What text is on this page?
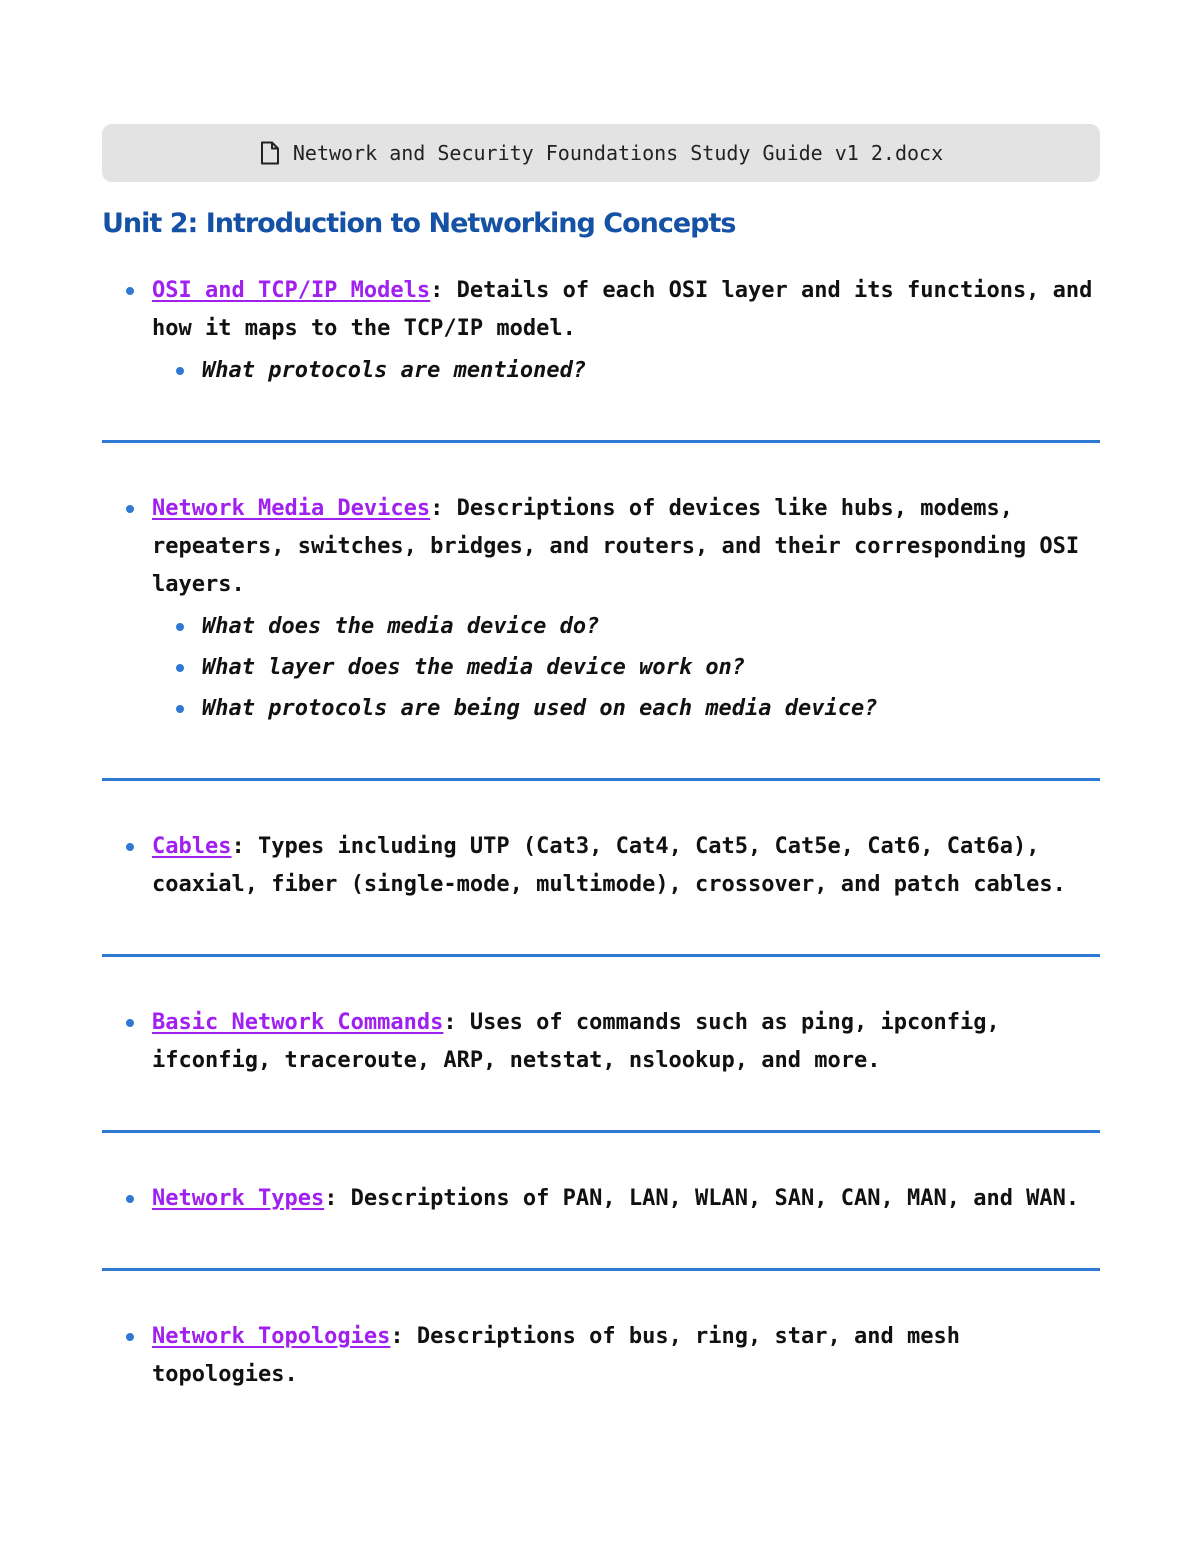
Network and Security Foundations Study Guide v1 2.docx
Unit 2: Introduction to Networking Concepts
OSI and TCP/IP Models: Details of each OSI layer and its functions, and how it maps to the TCP/IP model.
What protocols are mentioned?
Network Media Devices: Descriptions of devices like hubs, modems, repeaters, switches, bridges, and routers, and their corresponding OSI layers.
What does the media device do?
What layer does the media device work on?
What protocols are being used on each media device?
Cables: Types including UTP (Cat3, Cat4, Cat5, Cat5e, Cat6, Cat6a), coaxial, fiber (single-mode, multimode), crossover, and patch cables.
Basic Network Commands: Uses of commands such as ping, ipconfig, ifconfig, traceroute, ARP, netstat, nslookup, and more.
Network Types: Descriptions of PAN, LAN, WLAN, SAN, CAN, MAN, and WAN.
Network Topologies: Descriptions of bus, ring, star, and mesh topologies.
